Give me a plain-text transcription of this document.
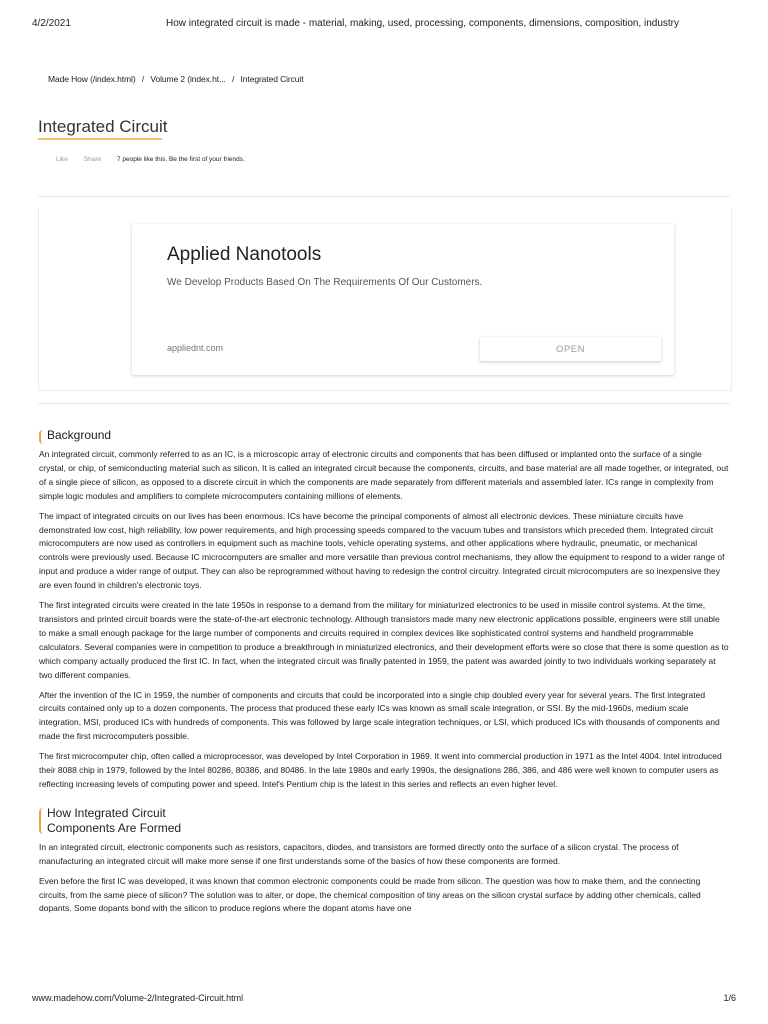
4/2/2021	How integrated circuit is made - material, making, used, processing, components, dimensions, composition, industry
Made How (/index.html) / Volume 2 (index.ht... / Integrated Circuit
Integrated Circuit
Like Share 7 people like this. Be the first of your friends.
Applied Nanotools
We Develop Products Based On The Requirements Of Our Customers.
appliednt.com	OPEN
Background

An integrated circuit, commonly referred to as an IC, is a microscopic array of electronic circuits and components that has been diffused or implanted onto the surface of a single crystal, or chip, of semiconducting material such as silicon. It is called an integrated circuit because the components, circuits, and base material are all made together, or integrated, out of a single piece of silicon, as opposed to a discrete circuit in which the components are made separately from different materials and assembled later. ICs range in complexity from simple logic modules and amplifiers to complete microcomputers containing millions of elements.

The impact of integrated circuits on our lives has been enormous. ICs have become the principal components of almost all electronic devices. These miniature circuits have demonstrated low cost, high reliability, low power requirements, and high processing speeds compared to the vacuum tubes and transistors which preceded them. Integrated circuit microcomputers are now used as controllers in equipment such as machine tools, vehicle operating systems, and other applications where hydraulic, pneumatic, or mechanical controls were previously used. Because IC microcomputers are smaller and more versatile than previous control mechanisms, they allow the equipment to respond to a wider range of input and produce a wider range of output. They can also be reprogrammed without having to redesign the control circuitry. Integrated circuit microcomputers are so inexpensive they are even found in children's electronic toys.

The first integrated circuits were created in the late 1950s in response to a demand from the military for miniaturized electronics to be used in missile control systems. At the time, transistors and printed circuit boards were the state-of-the-art electronic technology. Although transistors made many new electronic applications possible, engineers were still unable to make a small enough package for the large number of components and circuits required in complex devices like sophisticated control systems and handheld programmable calculators. Several companies were in competition to produce a breakthrough in miniaturized electronics, and their development efforts were so close that there is some question as to which company actually produced the first IC. In fact, when the integrated circuit was finally patented in 1959, the patent was awarded jointly to two individuals working separately at two different companies.

After the invention of the IC in 1959, the number of components and circuits that could be incorporated into a single chip doubled every year for several years. The first integrated circuits contained only up to a dozen components. The process that produced these early ICs was known as small scale integration, or SSI. By the mid-1960s, medium scale integration, MSI, produced ICs with hundreds of components. This was followed by large scale integration techniques, or LSI, which produced ICs with thousands of components and made the first microcomputers possible.

The first microcomputer chip, often called a microprocessor, was developed by Intel Corporation in 1969. It went into commercial production in 1971 as the Intel 4004. Intel introduced their 8088 chip in 1979, followed by the Intel 80286, 80386, and 80486. In the late 1980s and early 1990s, the designations 286, 386, and 486 were well known to computer users as reflecting increasing levels of computing power and speed. Intel's Pentium chip is the latest in this series and reflects an even higher level.

How Integrated Circuit
Components Are Formed

In an integrated circuit, electronic components such as resistors, capacitors, diodes, and transistors are formed directly onto the surface of a silicon crystal. The process of manufacturing an integrated circuit will make more sense if one first understands some of the basics of how these components are formed.

Even before the first IC was developed, it was known that common electronic components could be made from silicon. The question was how to make them, and the connecting circuits, from the same piece of silicon? The solution was to alter, or dope, the chemical composition of tiny areas on the silicon crystal surface by adding other chemicals, called dopants. Some dopants bond with the silicon to produce regions where the dopant atoms have one

www.madehow.com/Volume-2/Integrated-Circuit.html	1/6
